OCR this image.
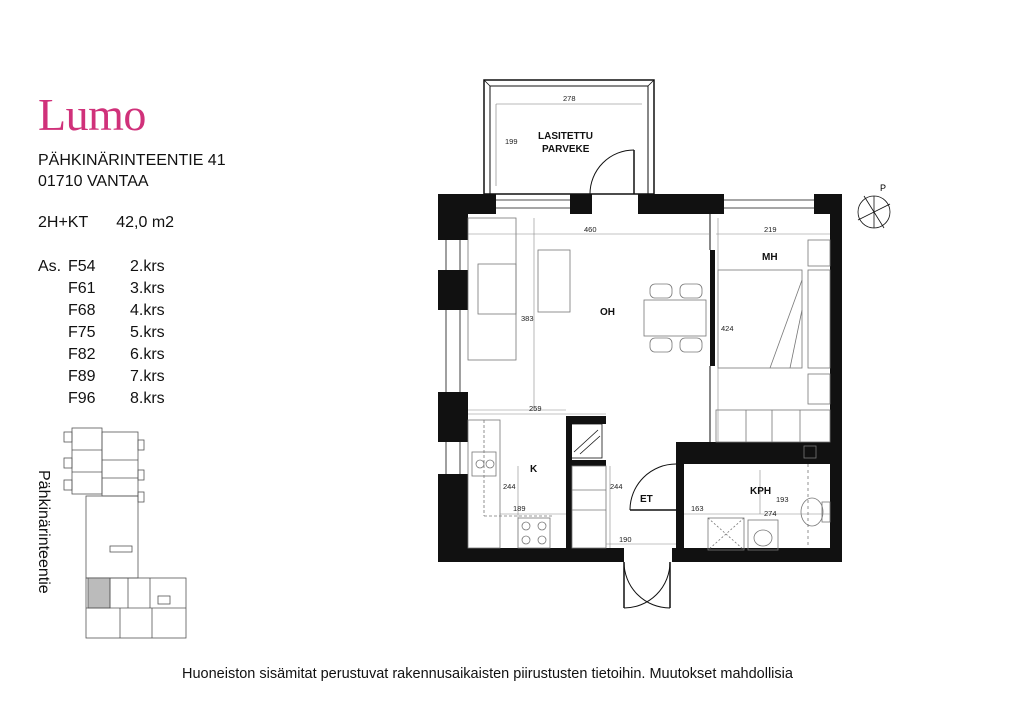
Lumo
PÄHKINÄRINTEENTIE 41
01710 VANTAA
2H+KT 42,0 m2
As. F54	2.krs
F61	3.krs
F68	4.krs
F75	5.krs
F82	6.krs
F89	7.krs
F96	8.krs
Pähkinärinteentie
278
199
460	219
383
424
259
244	244
189
190
163
193
274
LASITETTU
PARVEKE
OH
MH
K
ET
KPH
P
Huoneiston sisämitat perustuvat rakennusaikaisten piirustusten tietoihin. Muutokset mahdollisia
